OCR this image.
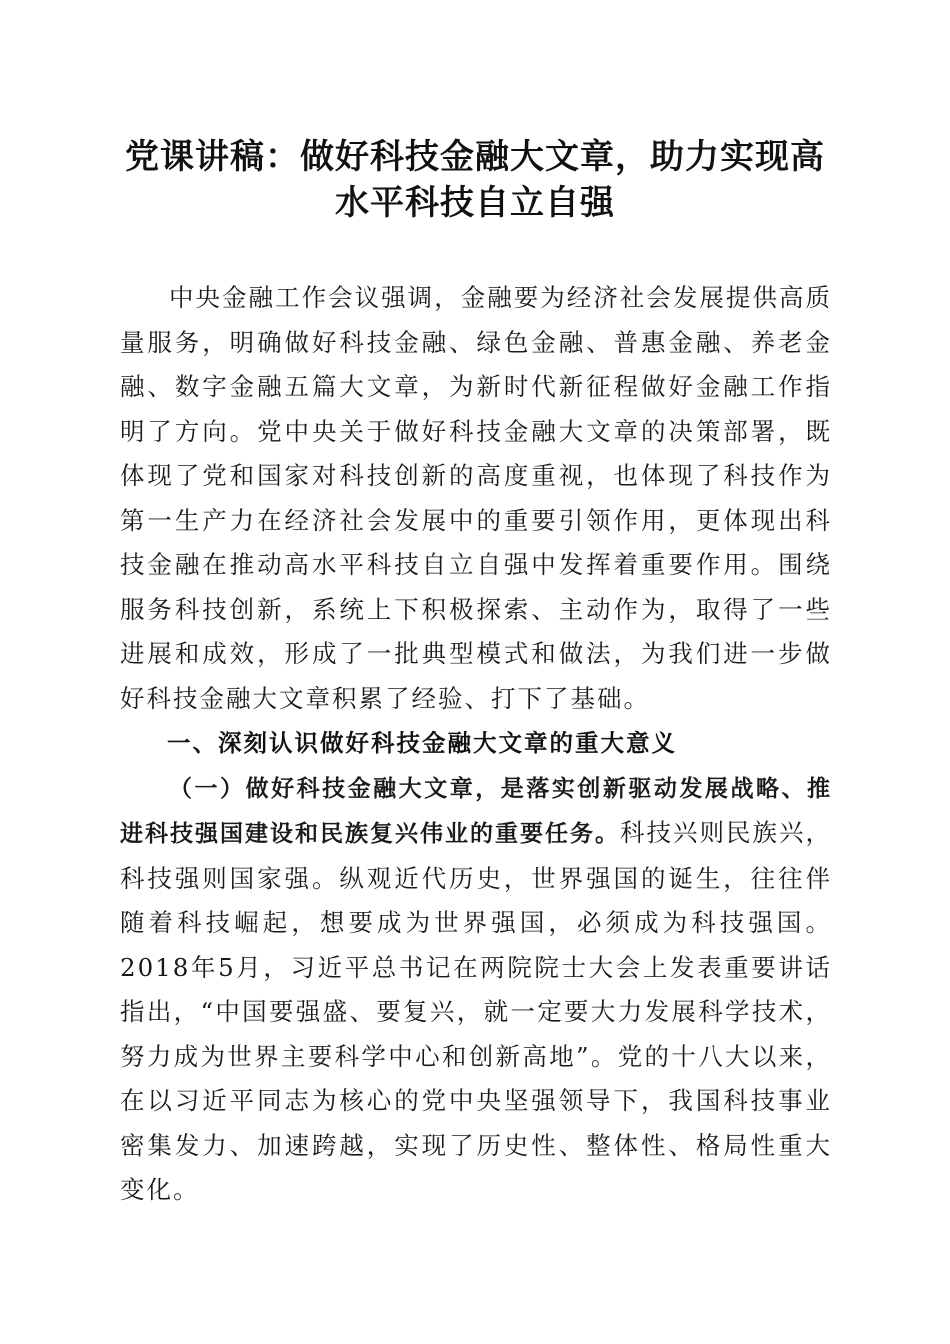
党课讲稿：做好科技金融大文章，助力实现高
水平科技自立自强

中央金融工作会议强调，金融要为经济社会发展提供高质量服务，明确做好科技金融、绿色金融、普惠金融、养老金融、数字金融五篇大文章，为新时代新征程做好金融工作指明了方向。党中央关于做好科技金融大文章的决策部署，既体现了党和国家对科技创新的高度重视，也体现了科技作为第一生产力在经济社会发展中的重要引领作用，更体现出科技金融在推动高水平科技自立自强中发挥着重要作用。围绕服务科技创新，系统上下积极探索、主动作为，取得了一些进展和成效，形成了一批典型模式和做法，为我们进一步做好科技金融大文章积累了经验、打下了基础。

一、深刻认识做好科技金融大文章的重大意义

（一）做好科技金融大文章，是落实创新驱动发展战略、推进科技强国建设和民族复兴伟业的重要任务。科技兴则民族兴，科技强则国家强。纵观近代历史，世界强国的诞生，往往伴随着科技崛起，想要成为世界强国，必须成为科技强国。2018年5月，习近平总书记在两院院士大会上发表重要讲话指出，“中国要强盛、要复兴，就一定要大力发展科学技术，努力成为世界主要科学中心和创新高地”。党的十八大以来，在以习近平同志为核心的党中央坚强领导下，我国科技事业密集发力、加速跨越，实现了历史性、整体性、格局性重大变化。
